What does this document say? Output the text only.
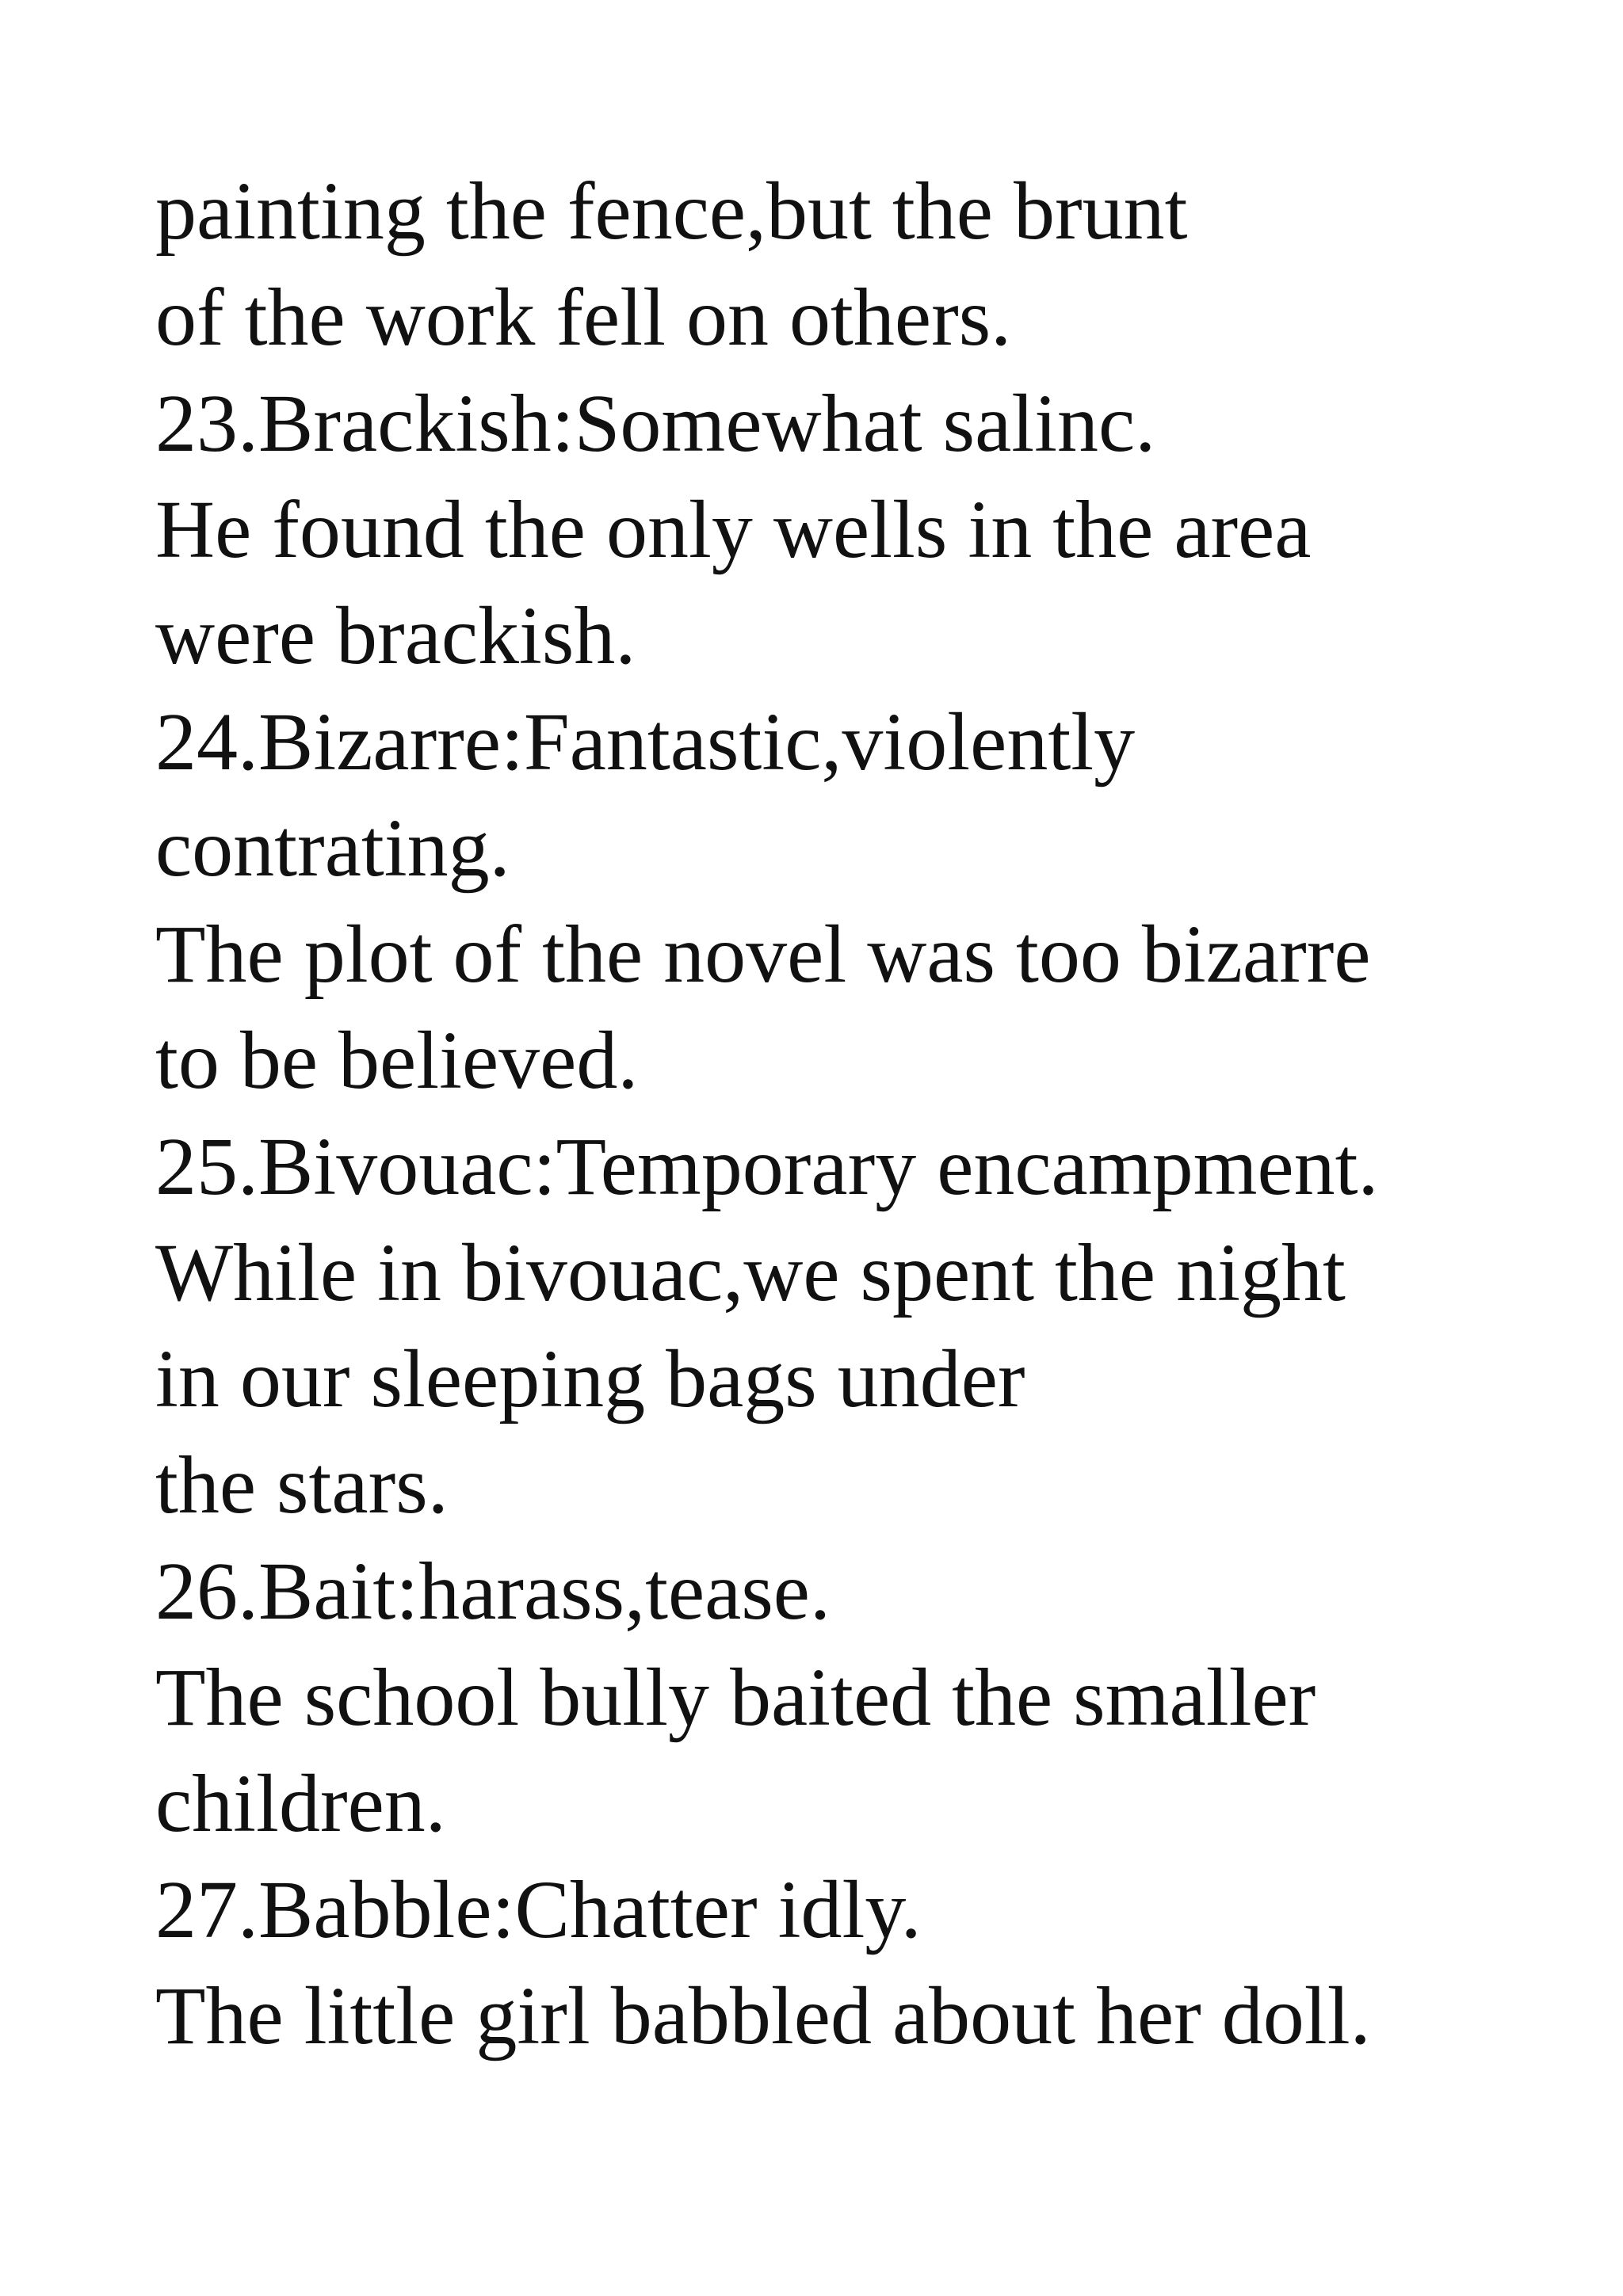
painting the fence,but the brunt
of the work fell on others.
23.Brackish:Somewhat salinc.
He found the only wells in the area
were brackish.
24.Bizarre:Fantastic,violently
contrating.
The plot of the novel was too bizarre
to be believed.
25.Bivouac:Temporary encampment.
While in bivouac,we spent the night
in our sleeping bags under
the stars.
26.Bait:harass,tease.
The school bully baited the smaller
children.
27.Babble:Chatter idly.
The little girl babbled about her doll.
